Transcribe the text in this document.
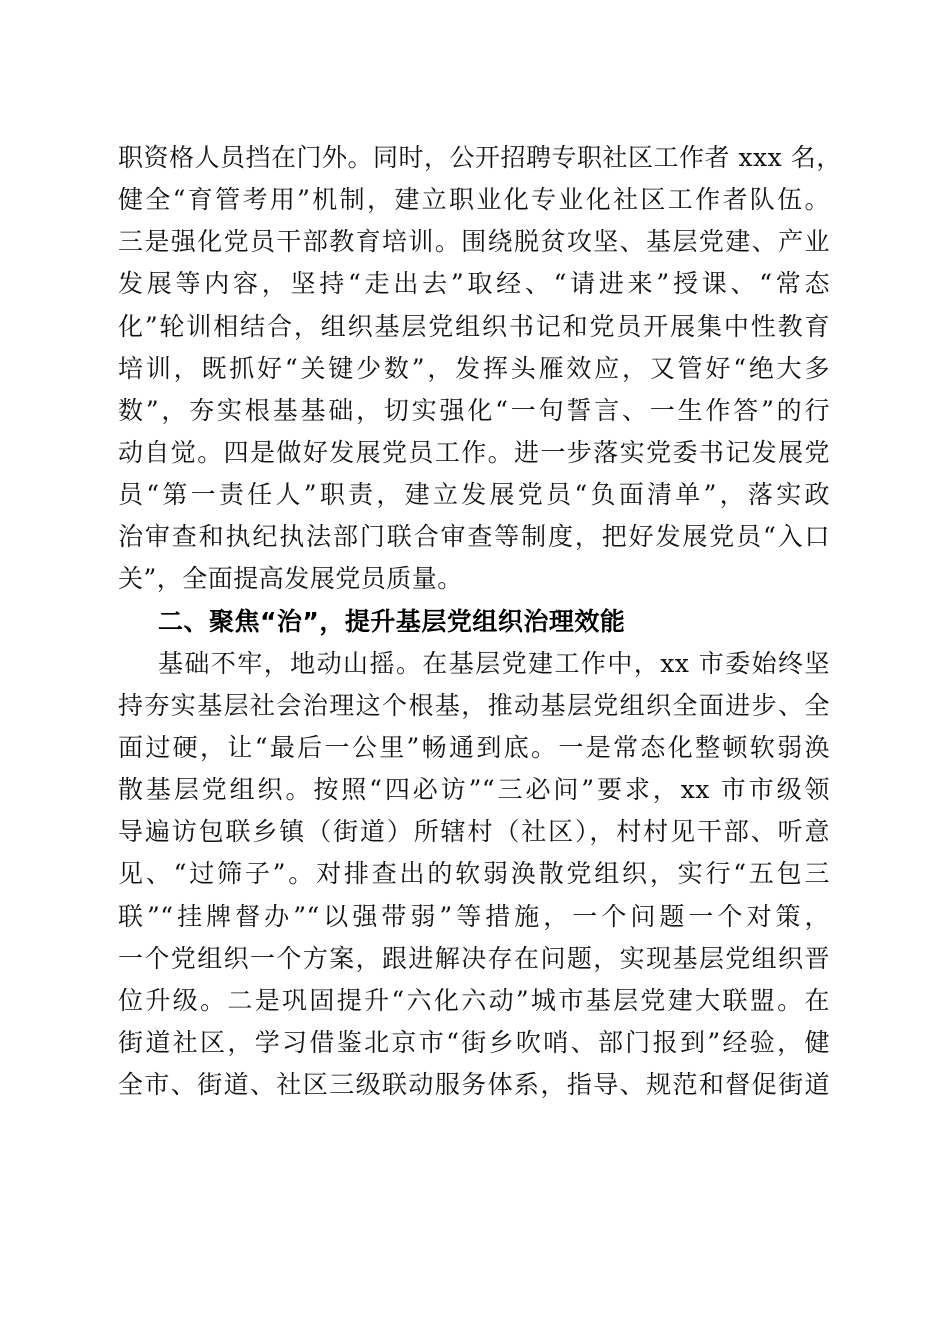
职资格人员挡在门外。同时，公开招聘专职社区工作者 xxx 名，
健全“育管考用”机制，建立职业化专业化社区工作者队伍。
三是强化党员干部教育培训。围绕脱贫攻坚、基层党建、产业
发展等内容，坚持“走出去”取经、“请进来”授课、“常态
化”轮训相结合，组织基层党组织书记和党员开展集中性教育
培训，既抓好“关键少数”，发挥头雁效应，又管好“绝大多
数”，夯实根基基础，切实强化“一句誓言、一生作答”的行
动自觉。四是做好发展党员工作。进一步落实党委书记发展党
员“第一责任人”职责，建立发展党员“负面清单”，落实政
治审查和执纪执法部门联合审查等制度，把好发展党员“入口
关”，全面提高发展党员质量。
二、聚焦“治”，提升基层党组织治理效能
基础不牢，地动山摇。在基层党建工作中，xx 市委始终坚
持夯实基层社会治理这个根基，推动基层党组织全面进步、全
面过硬，让“最后一公里”畅通到底。一是常态化整顿软弱涣
散基层党组织。按照“四必访”“三必问”要求，xx 市市级领
导遍访包联乡镇（街道）所辖村（社区），村村见干部、听意
见、“过筛子”。对排查出的软弱涣散党组织，实行“五包三
联”“挂牌督办”“以强带弱”等措施，一个问题一个对策，
一个党组织一个方案，跟进解决存在问题，实现基层党组织晋
位升级。二是巩固提升“六化六动”城市基层党建大联盟。在
街道社区，学习借鉴北京市“街乡吹哨、部门报到”经验，健
全市、街道、社区三级联动服务体系，指导、规范和督促街道
